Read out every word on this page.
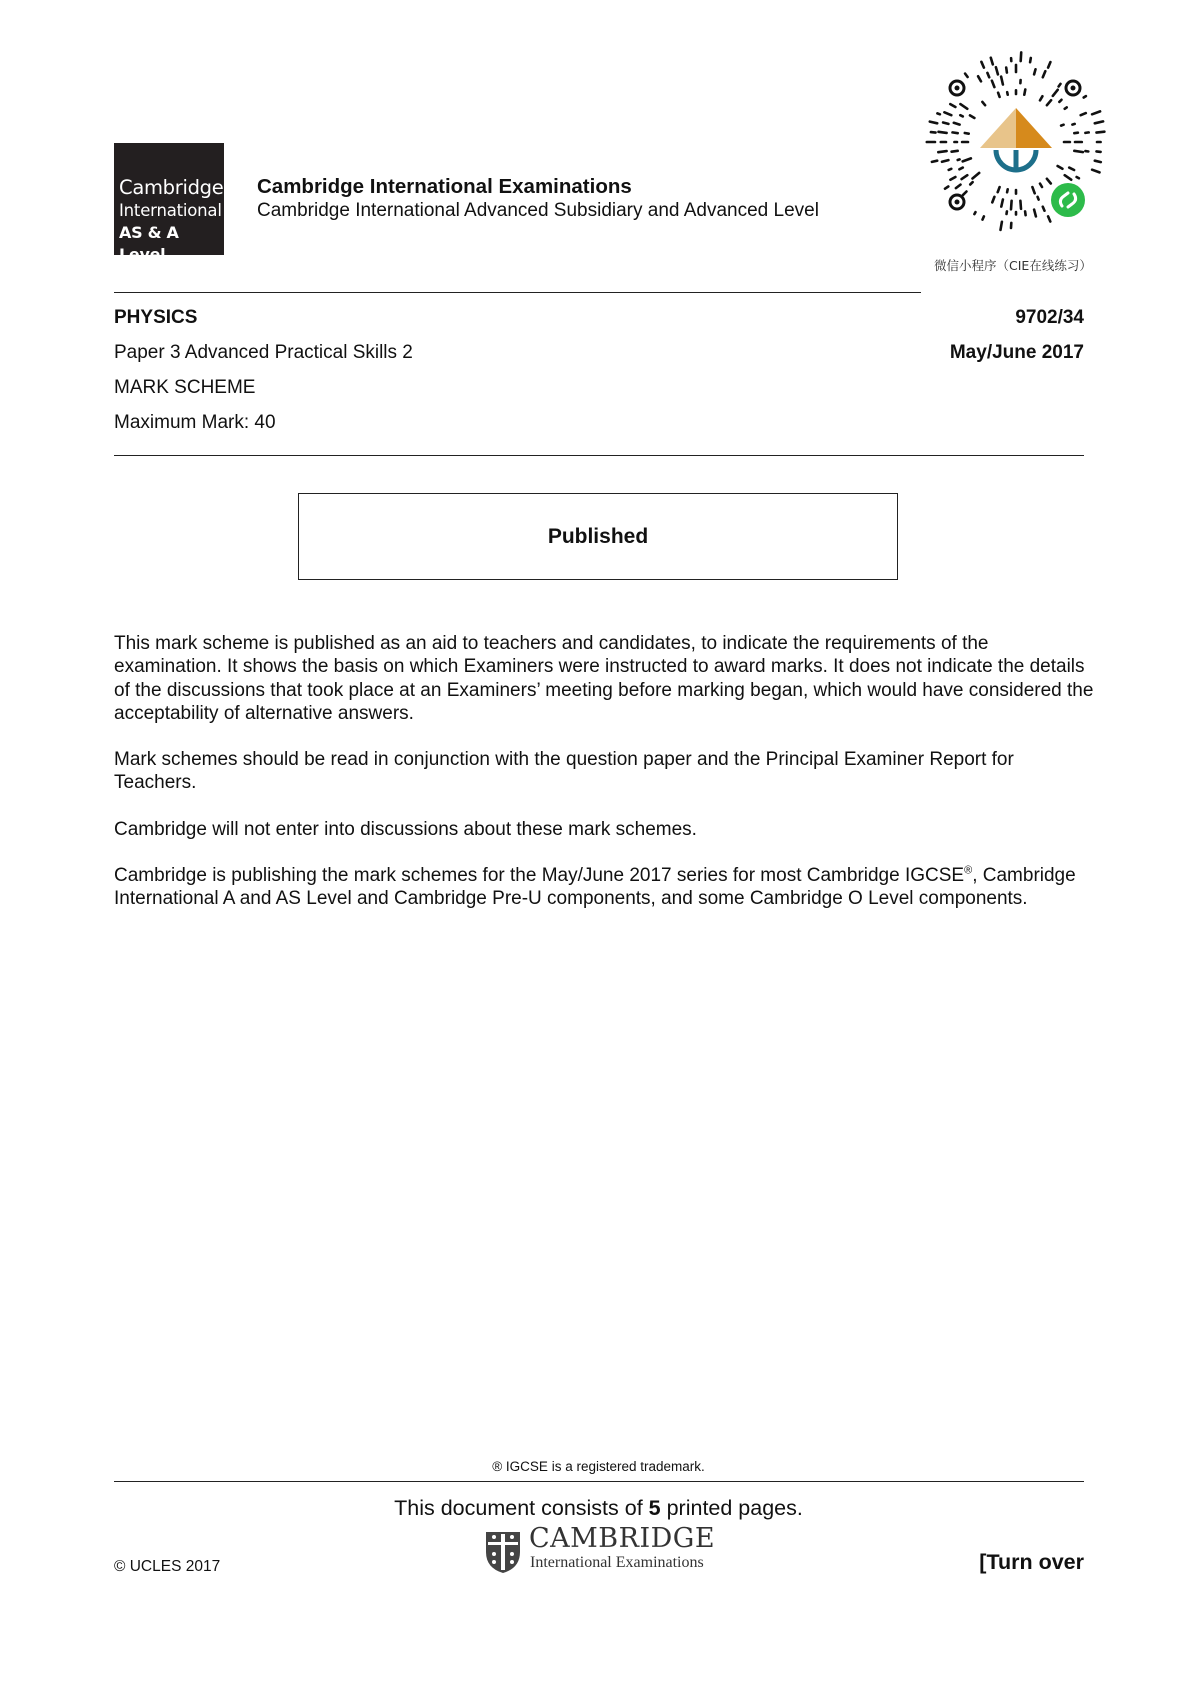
Cambridge
International
AS & A Level
Cambridge International Examinations
Cambridge International Advanced Subsidiary and Advanced Level
微信小程序（CIE在线练习）
PHYSICS	9702/34
Paper 3 Advanced Practical Skills 2	May/June 2017
MARK SCHEME
Maximum Mark: 40
Published

This mark scheme is published as an aid to teachers and candidates, to indicate the requirements of the examination. It shows the basis on which Examiners were instructed to award marks. It does not indicate the details of the discussions that took place at an Examiners’ meeting before marking began, which would have considered the acceptability of alternative answers.

Mark schemes should be read in conjunction with the question paper and the Principal Examiner Report for Teachers.

Cambridge will not enter into discussions about these mark schemes.

Cambridge is publishing the mark schemes for the May/June 2017 series for most Cambridge IGCSE®, Cambridge International A and AS Level and Cambridge Pre-U components, and some Cambridge O Level components.

® IGCSE is a registered trademark.
This document consists of 5 printed pages.
CAMBRIDGE
International Examinations
© UCLES 2017	[Turn over
